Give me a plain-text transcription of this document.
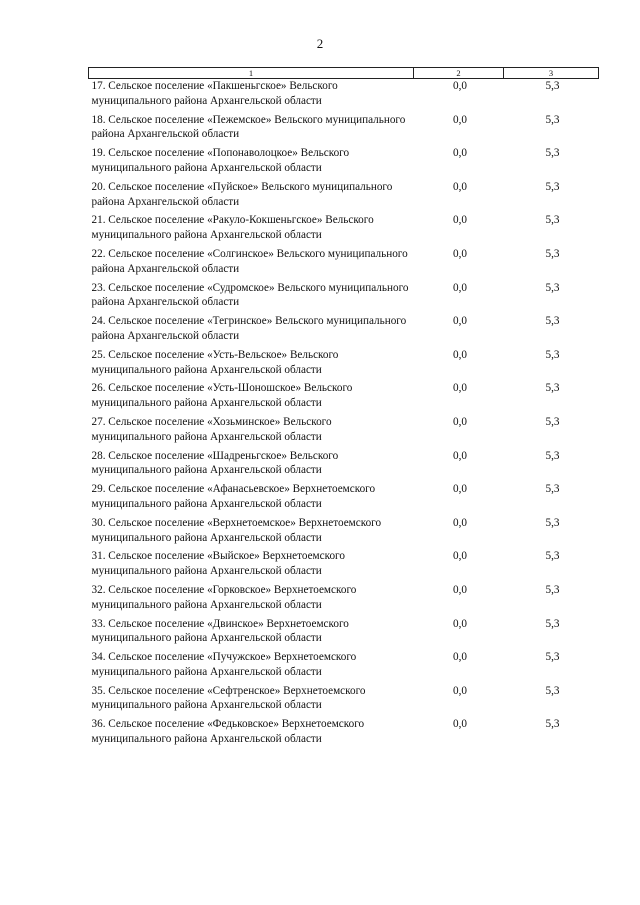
2
1	2	3
17. Сельское поселение «Пакшеньгское» Вельского муниципального района Архангельской области	0,0	5,3
18. Сельское поселение «Пежемское» Вельского муниципального района Архангельской области	0,0	5,3
19. Сельское поселение «Попонаволоцкое» Вельского муниципального района Архангельской области	0,0	5,3
20. Сельское поселение «Пуйское» Вельского муниципального района Архангельской области	0,0	5,3
21. Сельское поселение «Ракуло-Кокшеньгское» Вельского муниципального района Архангельской области	0,0	5,3
22. Сельское поселение «Солгинское» Вельского муниципального района Архангельской области	0,0	5,3
23. Сельское поселение «Судромское» Вельского муниципального района Архангельской области	0,0	5,3
24. Сельское поселение «Тегринское» Вельского муниципального района Архангельской области	0,0	5,3
25. Сельское поселение «Усть-Вельское» Вельского муниципального района Архангельской области	0,0	5,3
26. Сельское поселение «Усть-Шоношское» Вельского муниципального района Архангельской области	0,0	5,3
27. Сельское поселение «Хозьминское» Вельского муниципального района Архангельской области	0,0	5,3
28. Сельское поселение «Шадреньгское» Вельского муниципального района Архангельской области	0,0	5,3
29. Сельское поселение «Афанасьевское» Верхнетоемского муниципального района Архангельской области	0,0	5,3
30. Сельское поселение «Верхнетоемское» Верхнетоемского муниципального района Архангельской области	0,0	5,3
31. Сельское поселение «Выйское» Верхнетоемского муниципального района Архангельской области	0,0	5,3
32. Сельское поселение «Горковское» Верхнетоемского муниципального района Архангельской области	0,0	5,3
33. Сельское поселение «Двинское» Верхнетоемского муниципального района Архангельской области	0,0	5,3
34. Сельское поселение «Пучужское» Верхнетоемского муниципального района Архангельской области	0,0	5,3
35. Сельское поселение «Сефтренское» Верхнетоемского муниципального района Архангельской области	0,0	5,3
36. Сельское поселение «Федьковское» Верхнетоемского муниципального района Архангельской области	0,0	5,3
